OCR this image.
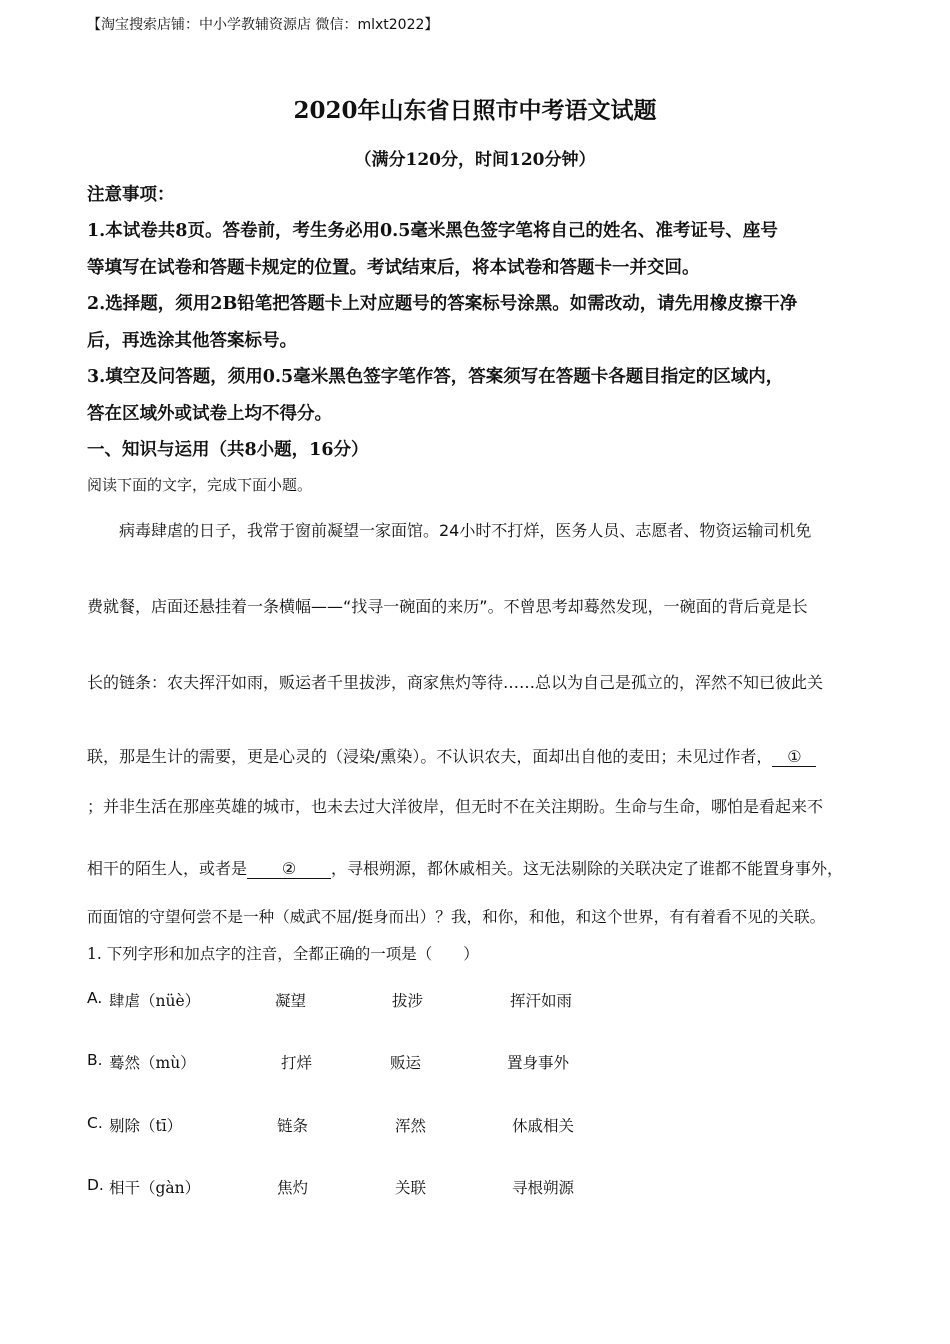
【淘宝搜索店铺：中小学教辅资源店 微信：mlxt2022】
2020年山东省日照市中考语文试题
（满分120分，时间120分钟）
注意事项：
1.本试卷共8页。答卷前，考生务必用0.5毫米黑色签字笔将自己的姓名、准考证号、座号
等填写在试卷和答题卡规定的位置。考试结束后，将本试卷和答题卡一并交回。
2.选择题，须用2B铅笔把答题卡上对应题号的答案标号涂黑。如需改动，请先用橡皮擦干净
后，再选涂其他答案标号。
3.填空及问答题，须用0.5毫米黑色签字笔作答，答案须写在答题卡各题目指定的区域内，
答在区域外或试卷上均不得分。
一、知识与运用（共8小题，16分）
阅读下面的文字，完成下面小题。
病毒肆虐的日子，我常于窗前凝望一家面馆。24小时不打烊，医务人员、志愿者、物资运输司机免
费就餐，店面还悬挂着一条横幅——“找寻一碗面的来历”。不曾思考却蓦然发现，一碗面的背后竟是长
长的链条：农夫挥汗如雨，贩运者千里拔涉，商家焦灼等待……总以为自己是孤立的，浑然不知已彼此关
联，那是生计的需要，更是心灵的（浸染/熏染）。不认识农夫，面却出自他的麦田；未见过作者， ①
；并非生活在那座英雄的城市，也未去过大洋彼岸，但无时不在关注期盼。生命与生命，哪怕是看起来不
相干的陌生人，或者是 ② ，寻根朔源，都休戚相关。这无法剔除的关联决定了谁都不能置身事外，
而面馆的守望何尝不是一种（威武不屈/挺身而出）？我，和你，和他，和这个世界，有有着看不见的关联。
1. 下列字形和加点字的注音，全都正确的一项是（　　）
A. 肆虐（nüè）	凝望	拔涉	挥汗如雨
B. 蓦然（mù）	打烊	贩运	置身事外
C. 剔除（tī）	链条	浑然	休戚相关
D. 相干（gàn）	焦灼	关联	寻根朔源
